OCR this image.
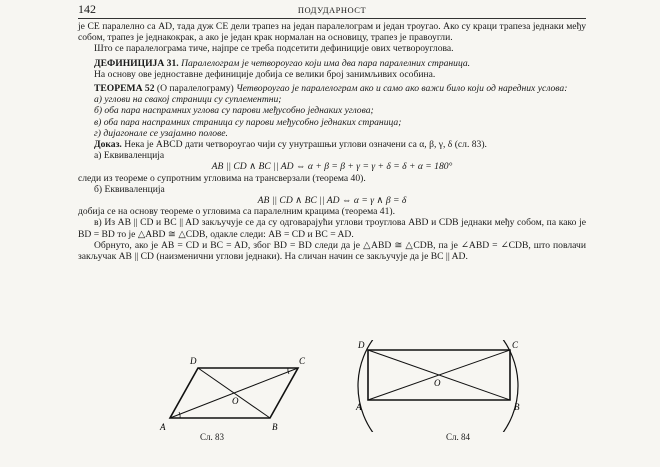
142	ПОДУДАРНОСТ

је CE паралелно са AD, тада дуж CE дели трапез на један паралелограм и један троугао. Ако су краци трапеза једнаки међу собом, трапез је једнакокрак, а ако је један крак нормалан на основицу, трапез је правоугли.

Што се паралелограма тиче, најпре се треба подсетити дефиниције ових четвороуглова.

ДЕФИНИЦИЈА 31. Паралелограм је четвороугао који има два пара паралелних страница.

На основу ове једноставне дефиниције добија се велики број занимљивих особина.

ТЕОРЕМА 52 (О паралелограму) Четвороугао је паралелограм ако и само ако важи било који од наредних услова:

а) углови на свакој страници су суплементни;

б) оба пара наспрамних углова су парови међусобно једнаких углова;

в) оба пара наспрамних страница су парови међусобно једнаких страница;

г) дијагонале се узајамно полове.

Доказ. Нека је ABCD дати четвороугао чији су унутрашњи углови означени са α, β, γ, δ (сл. 83).

а) Еквиваленција

AB || CD ∧ BC || AD ⇔ α + β = β + γ = γ + δ = δ + α = 180°

следи из теореме о супротним угловима на трансверзали (теорема 40).

б) Еквиваленција

AB || CD ∧ BC || AD ⇔ α = γ ∧ β = δ

добија се на основу теореме о угловима са паралелним крацима (теорема 41).

в) Из AB || CD и BC || AD закључује се да су одговарајући углови троуглова ABD и CDB једнаки међу собом, па како је BD = BD то је △ABD ≅ △CDB, одакле следи: AB = CD и BC = AD.

Обрнуто, ако је AB = CD и BC = AD, због BD = BD следи да је △ABD ≅ △CDB, па је ∠ABD = ∠CDB, што повлачи закључак AB || CD (наизменични углови једнаки). На сличан начин се закључује да је BC || AD.

A	B
C
D
O
Сл. 83
A	B
C
D
O
Сл. 84
